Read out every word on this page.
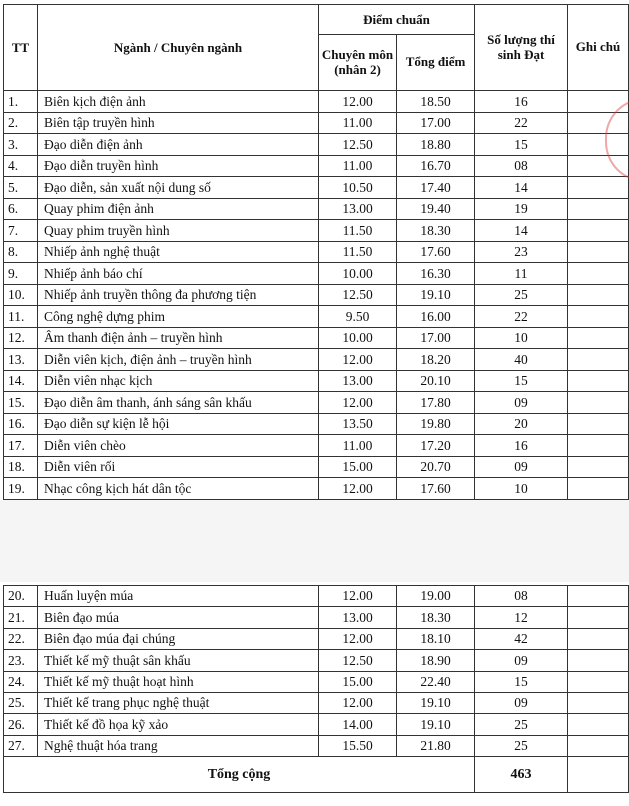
TT	Ngành / Chuyên ngành	Điểm chuẩn		Số lượng thí sinh Đạt	Ghi chú
		Chuyên môn (nhân 2)	Tổng điểm		
1.	Biên kịch điện ảnh	12.00	18.50	16	
2.	Biên tập truyền hình	11.00	17.00	22	
3.	Đạo diễn điện ảnh	12.50	18.80	15	
4.	Đạo diễn truyền hình	11.00	16.70	08	
5.	Đạo diễn, sản xuất nội dung số	10.50	17.40	14	
6.	Quay phim điện ảnh	13.00	19.40	19	
7.	Quay phim truyền hình	11.50	18.30	14	
8.	Nhiếp ảnh nghệ thuật	11.50	17.60	23	
9.	Nhiếp ảnh báo chí	10.00	16.30	11	
10.	Nhiếp ảnh truyền thông đa phương tiện	12.50	19.10	25	
11.	Công nghệ dựng phim	9.50	16.00	22	
12.	Âm thanh điện ảnh – truyền hình	10.00	17.00	10	
13.	Diễn viên kịch, điện ảnh – truyền hình	12.00	18.20	40	
14.	Diễn viên nhạc kịch	13.00	20.10	15	
15.	Đạo diễn âm thanh, ánh sáng sân khấu	12.00	17.80	09	
16.	Đạo diễn sự kiện lễ hội	13.50	19.80	20	
17.	Diễn viên chèo	11.00	17.20	16	
18.	Diễn viên rối	15.00	20.70	09	
19.	Nhạc công kịch hát dân tộc	12.00	17.60	10	
20.	Huấn luyện múa	12.00	19.00	08	
21.	Biên đạo múa	13.00	18.30	12	
22.	Biên đạo múa đại chúng	12.00	18.10	42	
23.	Thiết kế mỹ thuật sân khấu	12.50	18.90	09	
24.	Thiết kế mỹ thuật hoạt hình	15.00	22.40	15	
25.	Thiết kế trang phục nghệ thuật	12.00	19.10	09	
26.	Thiết kế đồ họa kỹ xảo	14.00	19.10	25	
27.	Nghệ thuật hóa trang	15.50	21.80	25	
Tổng cộng				463	
